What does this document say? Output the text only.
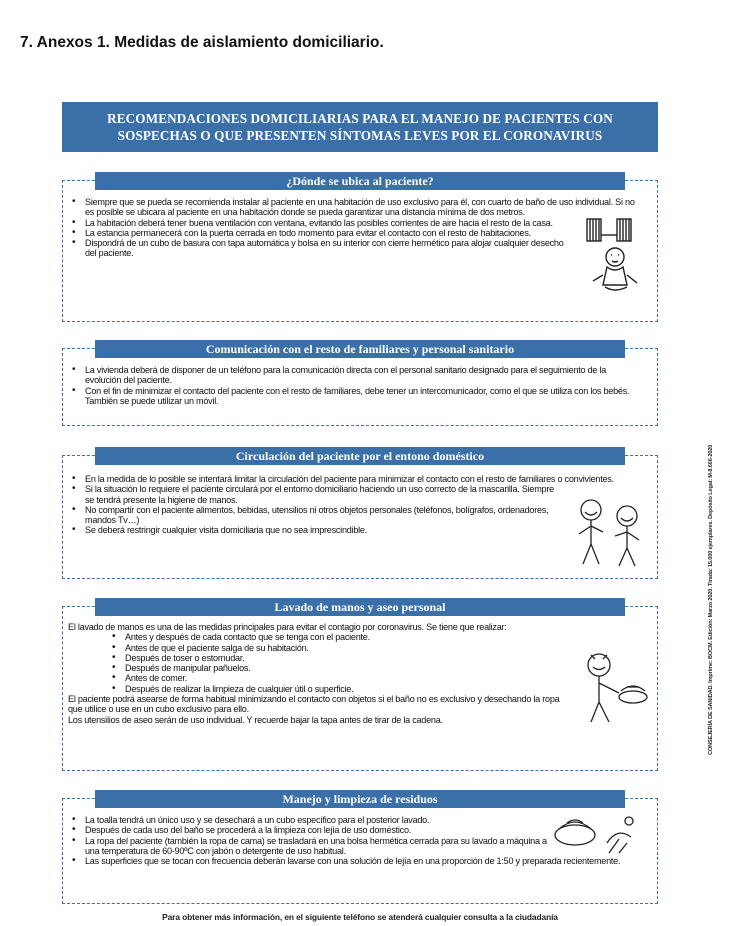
7. Anexos 1. Medidas de aislamiento domiciliario.
RECOMENDACIONES DOMICILIARIAS PARA EL MANEJO DE PACIENTES CON
SOSPECHAS O QUE PRESENTEN SÍNTOMAS LEVES POR EL CORONAVIRUS
¿Dónde se ubica al paciente?
• Siempre que se pueda se recomienda instalar al paciente en una habitación de uso exclusivo para él, con cuarto de baño de uso individual. Si no es posible se ubicara al paciente en una habitación donde se pueda garantizar una distancia mínima de dos metros.
• La habitación deberá tener buena ventilación con ventana, evitando las posibles corrientes de aire hacia el resto de la casa.
• La estancia permanecerá con la puerta cerrada en todo momento para evitar el contacto con el resto de habitaciones.
• Dispondrá de un cubo de basura con tapa automática y bolsa en su interior con cierre hermético para alojar cualquier desecho del paciente.
Comunicación con el resto de familiares y personal sanitario
• La vivienda deberá de disponer de un teléfono para la comunicación directa con el personal sanitario designado para el seguimiento de la evolución del paciente.
• Con el fin de minimizar el contacto del paciente con el resto de familiares, debe tener un intercomunicador, como el que se utiliza con los bebés. También se puede utilizar un móvil.
Circulación del paciente por el entono doméstico
• En la medida de lo posible se intentará limitar la circulación del paciente para minimizar el contacto con el resto de familiares o convivientes.
• Si la situación lo requiere el paciente circulará por el entorno domiciliario haciendo un uso correcto de la mascarilla. Siempre se tendrá presente la higiene de manos.
• No compartir con el paciente alimentos, bebidas, utensilios ni otros objetos personales (teléfonos, bolígrafos, ordenadores, mandos Tv…)
• Se deberá restringir cualquier visita domiciliaria que no sea imprescindible.
Lavado de manos y aseo personal

El lavado de manos es una de las medidas principales para evitar el contagio por coronavirus. Se tiene que realizar:

• Antes y después de cada contacto que se tenga con el paciente.
• Antes de que el paciente salga de su habitación.
• Después de toser o estornudar.
• Después de manipular pañuelos.
• Antes de comer.
• Después de realizar la limpieza de cualquier útil o superficie.

El paciente podrá asearse de forma habitual minimizando el contacto con objetos si el baño no es exclusivo y desechando la ropa que utilice o use en un cubo exclusivo para ello.

Los utensilios de aseo serán de uso individual. Y recuerde bajar la tapa antes de tirar de la cadena.

Manejo y limpieza de residuos
• La toalla tendrá un único uso y se desechará a un cubo específico para el posterior lavado.
• Después de cada uso del baño se procederá a la limpieza con lejía de uso doméstico.
• La ropa del paciente (también la ropa de cama) se trasladará en una bolsa hermética cerrada para su lavado a máquina a una temperatura de 60-90ºC con jabón o detergente de uso habitual.
• Las superficies que se tocan con frecuencia deberán lavarse con una solución de lejía en una proporción de 1:50 y preparada recientemente.
Para obtener más información, en el siguiente teléfono se atenderá cualquier consulta a la ciudadanía
CONSEJERÍA DE SANIDAD. Imprime: BOCM. Edición: Marzo 2020. Tirada: 15.000 ejemplares. Depósito Legal: M-8.666-2020
